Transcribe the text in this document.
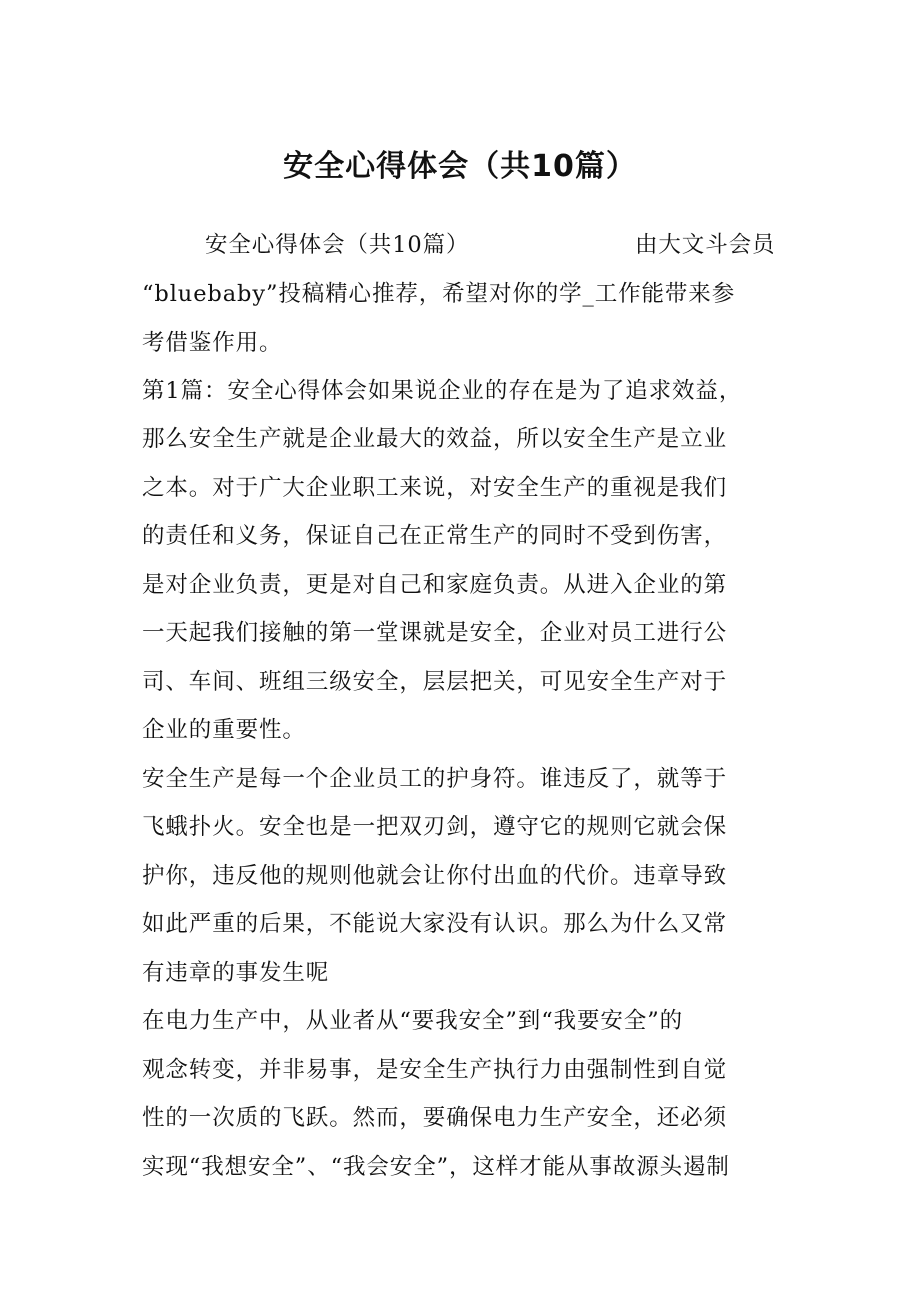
安全心得体会（共10篇）
安全心得体会（共10篇）	由大文斗会员
“bluebaby”投稿精心推荐，希望对你的学_工作能带来参
考借鉴作用。
第1篇：安全心得体会如果说企业的存在是为了追求效益，
那么安全生产就是企业最大的效益，所以安全生产是立业
之本。对于广大企业职工来说，对安全生产的重视是我们
的责任和义务，保证自己在正常生产的同时不受到伤害，
是对企业负责，更是对自己和家庭负责。从进入企业的第
一天起我们接触的第一堂课就是安全，企业对员工进行公
司、车间、班组三级安全，层层把关，可见安全生产对于
企业的重要性。
安全生产是每一个企业员工的护身符。谁违反了，就等于
飞蛾扑火。安全也是一把双刃剑，遵守它的规则它就会保
护你，违反他的规则他就会让你付出血的代价。违章导致
如此严重的后果，不能说大家没有认识。那么为什么又常
有违章的事发生呢
在电力生产中，从业者从“要我安全”到“我要安全”的
观念转变，并非易事，是安全生产执行力由强制性到自觉
性的一次质的飞跃。然而，要确保电力生产安全，还必须
实现“我想安全”、“我会安全”，这样才能从事故源头遏制
